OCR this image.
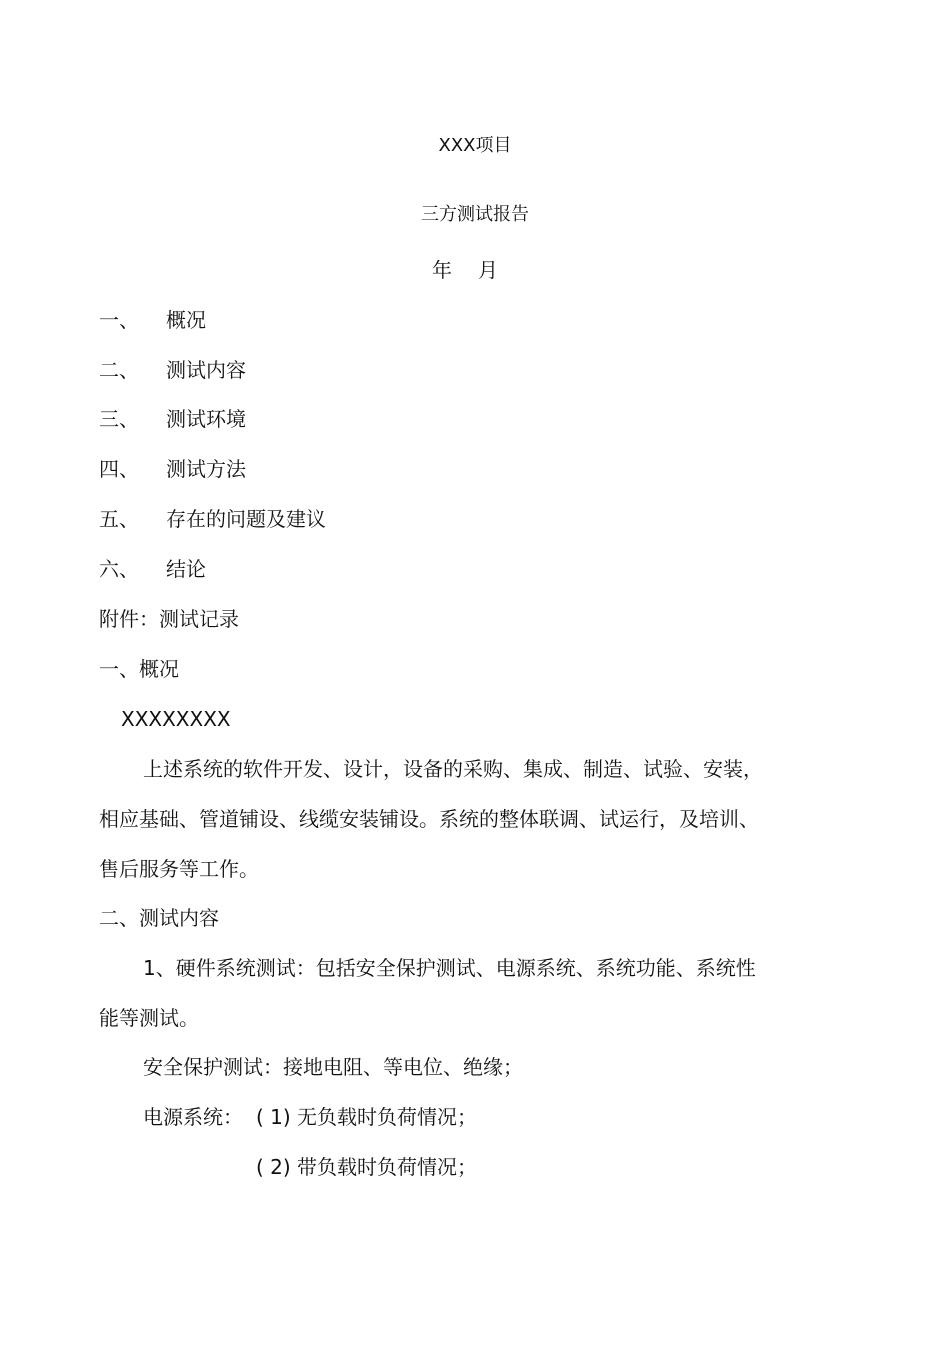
XXX项目
三方测试报告
年 月
一、 概况
二、 测试内容
三、 测试环境
四、 测试方法
五、 存在的问题及建议
六、 结论
附件：测试记录
一、概况
XXXXXXXX
上述系统的软件开发、设计，设备的采购、集成、制造、试验、安装，
相应基础、管道铺设、线缆安装铺设。系统的整体联调、试运行，及培训、
售后服务等工作。
二、测试内容
1、硬件系统测试：包括安全保护测试、电源系统、系统功能、系统性
能等测试。
安全保护测试：接地电阻、等电位、绝缘；
电源系统： ( 1) 无负载时负荷情况；
( 2) 带负载时负荷情况；
